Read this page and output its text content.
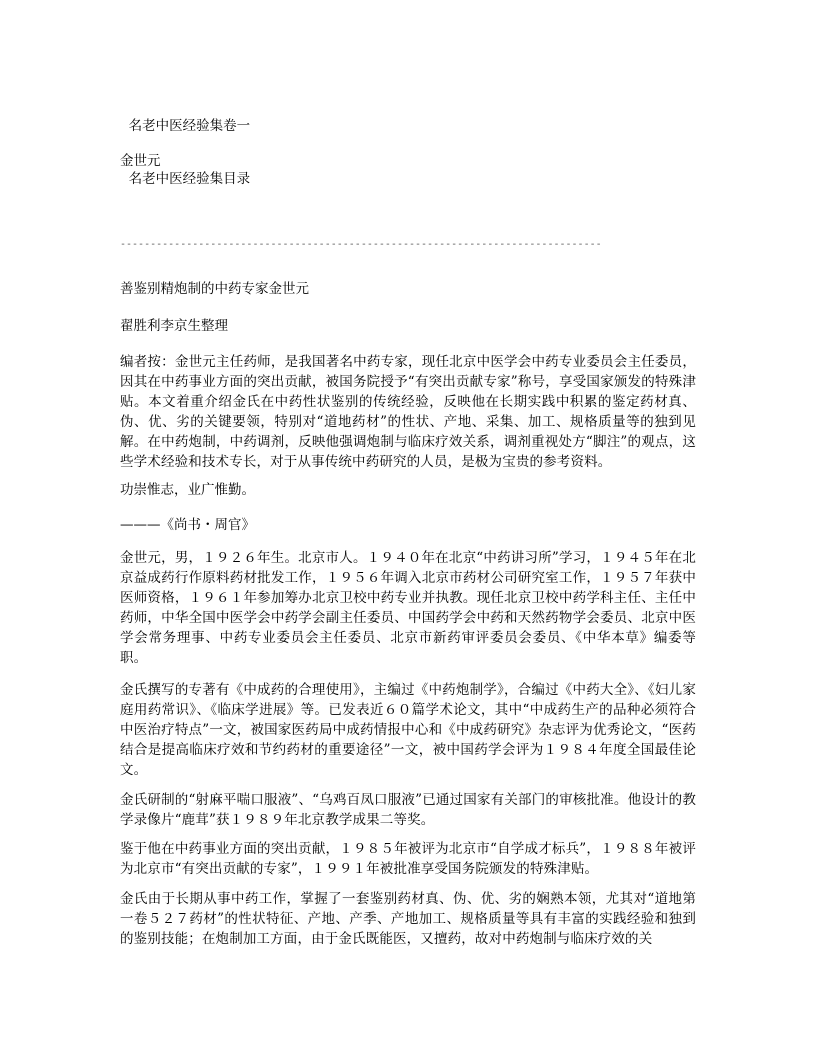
名老中医经验集卷一

金世元

名老中医经验集目录

--------------------------------------------------------------------------------

善鉴别精炮制的中药专家金世元

翟胜利李京生整理

编者按：金世元主任药师，是我国著名中药专家，现任北京中医学会中药专业委员会主任委员，因其在中药事业方面的突出贡献，被国务院授予“有突出贡献专家”称号，享受国家颁发的特殊津贴。本文着重介绍金氏在中药性状鉴别的传统经验，反映他在长期实践中积累的鉴定药材真、伪、优、劣的关键要领，特别对“道地药材”的性状、产地、采集、加工、规格质量等的独到见解。在中药炮制，中药调剂，反映他强调炮制与临床疗效关系，调剂重视处方“脚注”的观点，这些学术经验和技术专长，对于从事传统中药研究的人员，是极为宝贵的参考资料。

功崇惟志，业广惟勤。

———《尚书・周官》

金世元，男，１９２６年生。北京市人。１９４０年在北京“中药讲习所”学习，１９４５年在北京益成药行作原料药材批发工作，１９５６年调入北京市药材公司研究室工作，１９５７年获中医师资格，１９６１年参加筹办北京卫校中药专业并执教。现任北京卫校中药学科主任、主任中药师，中华全国中医学会中药学会副主任委员、中国药学会中药和天然药物学会委员、北京中医学会常务理事、中药专业委员会主任委员、北京市新药审评委员会委员、《中华本草》编委等职。

金氏撰写的专著有《中成药的合理使用》，主编过《中药炮制学》，合编过《中药大全》、《妇儿家庭用药常识》、《临床学进展》等。已发表近６０篇学术论文，其中“中成药生产的品种必须符合中医治疗特点”一文，被国家医药局中成药情报中心和《中成药研究》杂志评为优秀论文，“医药结合是提高临床疗效和节约药材的重要途径”一文，被中国药学会评为１９８４年度全国最佳论文。

金氏研制的“射麻平喘口服液”、“乌鸡百凤口服液”已通过国家有关部门的审核批准。他设计的教学录像片“鹿茸”获１９８９年北京教学成果二等奖。

鉴于他在中药事业方面的突出贡献，１９８５年被评为北京市“自学成才标兵”，１９８８年被评为北京市“有突出贡献的专家”，１９９１年被批准享受国务院颁发的特殊津贴。

金氏由于长期从事中药工作，掌握了一套鉴别药材真、伪、优、劣的娴熟本领，尤其对“道地第一卷５２７药材”的性状特征、产地、产季、产地加工、规格质量等具有丰富的实践经验和独到的鉴别技能；在炮制加工方面，由于金氏既能医，又擅药，故对中药炮制与临床疗效的关
